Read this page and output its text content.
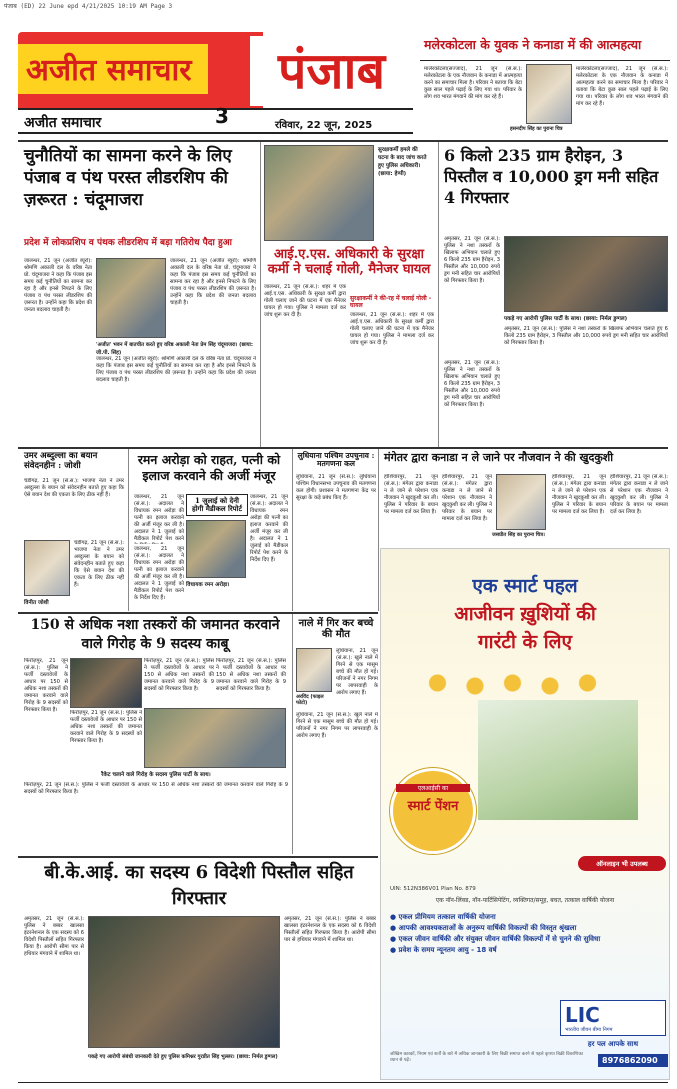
पंजाब (ED) 22 June epd 4/21/2025 10:19 AM Page 3
अजीत समाचार	पंजाब
अजीत समाचार	3	रविवार, 22 जून, 2025
मलेरकोटला के युवक ने कनाडा में की आत्महत्या
मालेरकोटला(सज्जाद), 21 जून (सं.स.): मलेरकोटला के एक नौजवान के कनाडा में आत्महत्या करने का समाचार मिला है। परिवार ने बताया कि बेटा कुछ साल पहले पढ़ाई के लिए गया था। परिवार के लोग शव भारत मंगवाने की मांग कर रहे हैं।
हसनदीप सिंह का पुराना चित्र
मालेरकोटला(सज्जाद), 21 जून (सं.स.): मलेरकोटला के एक नौजवान के कनाडा में आत्महत्या करने का समाचार मिला है। परिवार ने बताया कि बेटा कुछ साल पहले पढ़ाई के लिए गया था। परिवार के लोग शव भारत मंगवाने की मांग कर रहे हैं।
चुनौतियों का सामना करने के लिए पंजाब व पंथ परस्त लीडरशिप की ज़रूरत : चंदूमाजरा
प्रदेश में लोकप्रशिप व पंथक लीडरशिप में बड़ा गतिरोध पैदा हुआ
जालन्धर, 21 जून (अजीत ब्यूरो): श्रोमणि अकाली दल के वरिष्ठ नेता प्रो. चंदूमाजरा ने कहा कि पंजाब इस समय कई चुनौतियों का सामना कर रहा है और इनसे निपटने के लिए पंजाब व पंथ परस्त लीडरशिप की ज़रूरत है। उन्होंने कहा कि प्रदेश की जनता बदलाव चाहती है।
'अजीत' भवन में बातचीत करते हुए वरिष्ठ अकाली नेता प्रेम सिंह चंदूमाजरा। (छाया: जी.पी. सिंह)
जालन्धर, 21 जून (अजीत ब्यूरो): श्रोमणि अकाली दल के वरिष्ठ नेता प्रो. चंदूमाजरा ने कहा कि पंजाब इस समय कई चुनौतियों का सामना कर रहा है और इनसे निपटने के लिए पंजाब व पंथ परस्त लीडरशिप की ज़रूरत है। उन्होंने कहा कि प्रदेश की जनता बदलाव चाहती है।
जालन्धर, 21 जून (अजीत ब्यूरो): श्रोमणि अकाली दल के वरिष्ठ नेता प्रो. चंदूमाजरा ने कहा कि पंजाब इस समय कई चुनौतियों का सामना कर रहा है और इनसे निपटने के लिए पंजाब व पंथ परस्त लीडरशिप की ज़रूरत है। उन्होंने कहा कि प्रदेश की जनता बदलाव चाहती है।
सुरक्षाकर्मी हमले की घटना के बाद जांच करते हुए पुलिस अधिकारी। (छाया: हेप्पी)
आई.ए.एस. अधिकारी के सुरक्षा कर्मी ने चलाई गोली, मैनेजर घायल
जालन्धर, 21 जून (सं.स.): शहर में एक आई.ए.एस. अधिकारी के सुरक्षा कर्मी द्वारा गोली चलाए जाने की घटना में एक मैनेजर घायल हो गया। पुलिस ने मामला दर्ज कर जांच शुरू कर दी है।
सुरक्षाकर्मी ने की-रह में चलाई गोली - घायल
जालन्धर, 21 जून (सं.स.): शहर में एक आई.ए.एस. अधिकारी के सुरक्षा कर्मी द्वारा गोली चलाए जाने की घटना में एक मैनेजर घायल हो गया। पुलिस ने मामला दर्ज कर जांच शुरू कर दी है।
6 किलो 235 ग्राम हैरोइन, 3 पिस्तौल व 10,000 ड्रग मनी सहित 4 गिरफ्तार
अमृतसर, 21 जून (सं.स.): पुलिस ने नशा तस्करों के खिलाफ अभियान चलाते हुए 6 किलो 235 ग्राम हैरोइन, 3 पिस्तौल और 10,000 रुपये ड्रग मनी सहित चार आरोपियों को गिरफ्तार किया है।
पकड़े गए आरोपी पुलिस पार्टी के साथ। (छाया: निर्मल डुग्गल)
अमृतसर, 21 जून (सं.स.): पुलिस ने नशा तस्करों के खिलाफ अभियान चलाते हुए 6 किलो 235 ग्राम हैरोइन, 3 पिस्तौल और 10,000 रुपये ड्रग मनी सहित चार आरोपियों को गिरफ्तार किया है।
अमृतसर, 21 जून (सं.स.): पुलिस ने नशा तस्करों के खिलाफ अभियान चलाते हुए 6 किलो 235 ग्राम हैरोइन, 3 पिस्तौल और 10,000 रुपये ड्रग मनी सहित चार आरोपियों को गिरफ्तार किया है।
उमर अब्दुल्ला का बयान संवेदनहीन : जोशी
चंडीगढ़, 21 जून (सं.स.): भाजपा नेता ने उमर अब्दुल्ला के बयान को संवेदनहीन बताते हुए कहा कि ऐसे बयान देश की एकता के लिए ठीक नहीं हैं।
विनीत जोशी
चंडीगढ़, 21 जून (सं.स.): भाजपा नेता ने उमर अब्दुल्ला के बयान को संवेदनहीन बताते हुए कहा कि ऐसे बयान देश की एकता के लिए ठीक नहीं हैं।
रमन अरोड़ा को राहत, पत्नी को इलाज करवाने की अर्जी मंजूर
जालन्धर, 21 जून (सं.स.): अदालत ने विधायक रमन अरोड़ा की पत्नी का इलाज करवाने की अर्जी मंजूर कर ली है। अदालत ने 1 जुलाई को मैडीकल रिपोर्ट पेश करने
1 जुलाई को देनी होगी मैडीकल रिपोर्ट
विधायक रमन अरोड़ा।
जालन्धर, 21 जून (सं.स.): अदालत ने विधायक रमन अरोड़ा की पत्नी का इलाज करवाने की अर्जी मंजूर कर ली है। अदालत ने 1 जुलाई को मैडीकल रिपोर्ट पेश करने के निर्देश दिए हैं।
जालन्धर, 21 जून (सं.स.): अदालत ने विधायक रमन अरोड़ा की पत्नी का इलाज करवाने की अर्जी मंजूर कर ली है। अदालत ने 1 जुलाई को मैडीकल रिपोर्ट पेश करने के निर्देश दिए हैं।
लुधियाना पश्चिम उपचुनाव : मतगणना कल
लुधियाना, 21 जून (सं.स.): लुधियाना पश्चिम विधानसभा उपचुनाव की मतगणना कल होगी। प्रशासन ने मतगणना केंद्र पर सुरक्षा के कड़े प्रबंध किए हैं।
मंगेतर द्वारा कनाडा न ले जाने पर नौजवान ने की खुदकुशी
होशियारपुर, 21 जून (सं.स.): मंगेतर द्वारा कनाडा न ले जाने से परेशान एक नौजवान ने खुदकुशी कर ली। पुलिस ने परिवार के बयान पर मामला दर्ज कर लिया है।
होशियारपुर, 21 जून (सं.स.): मंगेतर द्वारा कनाडा न ले जाने से परेशान एक नौजवान ने खुदकुशी कर ली। पुलिस ने परिवार के बयान पर मामला दर्ज कर लिया है।
जसप्रीत सिंह का पुराना चित्र।
होशियारपुर, 21 जून (सं.स.): मंगेतर द्वारा कनाडा न ले जाने से परेशान एक नौजवान ने खुदकुशी कर ली। पुलिस ने परिवार के बयान पर मामला दर्ज कर लिया है।
होशियारपुर, 21 जून (सं.स.): मंगेतर द्वारा कनाडा न ले जाने से परेशान एक नौजवान ने खुदकुशी कर ली। पुलिस ने परिवार के बयान पर मामला दर्ज कर लिया है।
150 से अधिक नशा तस्करों की जमानत करवाने वाले गिरोह के 9 सदस्य काबू
फिरोज़पुर, 21 जून (सं.स.): पुलिस ने फर्जी दस्तावेजों के आधार पर 150 से अधिक नशा तस्करों की जमानत करवाने वाले गिरोह के 9 सदस्यों को गिरफ्तार किया है।
रैकेट चलाने वाले गिरोह के सदस्य पुलिस पार्टी के साथ।
फिरोज़पुर, 21 जून (सं.स.): पुलिस ने फर्जी दस्तावेजों के आधार पर 150 से अधिक नशा तस्करों की जमानत करवाने वाले गिरोह के 9 सदस्यों को गिरफ्तार किया है।
फिरोज़पुर, 21 जून (सं.स.): पुलिस ने फर्जी दस्तावेजों के आधार पर 150 से अधिक नशा तस्करों की जमानत करवाने वाले गिरोह के 9 सदस्यों को गिरफ्तार किया है।
फिरोज़पुर, 21 जून (सं.स.): पुलिस ने फर्जी दस्तावेजों के आधार पर 150 से अधिक नशा तस्करों की जमानत करवाने वाले गिरोह के 9 सदस्यों को गिरफ्तार किया है।
फिरोज़पुर, 21 जून (सं.स.): पुलिस ने फर्जी दस्तावेजों के आधार पर 150 से अधिक नशा तस्करों की जमानत करवाने वाले गिरोह के 9 सदस्यों को गिरफ्तार किया है।
नाले में गिर कर बच्चे की मौत
अरविंद (फाइल फोटो)
लुधियाना, 21 जून (सं.स.): खुले नाले में गिरने से एक मासूम बच्चे की मौत हो गई। परिजनों ने नगर निगम पर लापरवाही के आरोप लगाए हैं।
लुधियाना, 21 जून (सं.स.): खुले नाले में गिरने से एक मासूम बच्चे की मौत हो गई। परिजनों ने नगर निगम पर लापरवाही के आरोप लगाए हैं।
एक स्मार्ट पहल
आजीवन ख़ुशियों की
गारंटी के लिए
एलआईसी का
स्मार्ट पेंशन
ऑनलाइन भी उपलब्ध
UIN: 512N386V01 Plan No. 879
एक नॉन-लिंक्ड, नॉन-पार्टिसिपेटिंग, व्यक्तिगत/समूह, बचत, तत्काल वार्षिकी योजना
● एकल प्रीमियम तत्काल वार्षिकी योजना
● आपकी आवश्यकताओं के अनुरूप वार्षिकी विकल्पों की विस्तृत श्रृंखला
● एकल जीवन वार्षिकी और संयुक्त जीवन वार्षिकी विकल्पों में से चुनने की सुविधा
● प्रवेश के समय न्यूनतम आयु - 18 वर्ष
LIC
भारतीय जीवन बीमा निगम
हर पल आपके साथ
8976862090
जोखिम कारकों, नियम एवं शर्तों के बारे में अधिक जानकारी के लिए बिक्री समाप्त करने से पहले कृपया बिक्री विवरणिका ध्यान से पढ़ें।
बी.के.आई. का सदस्य 6 विदेशी पिस्तौल सहित गिरफ्तार
अमृतसर, 21 जून (सं.स.): पुलिस ने बब्बर खालसा इंटरनेशनल के एक सदस्य को 6 विदेशी पिस्तौलों सहित गिरफ्तार किया है। आरोपी सीमा पार से हथियार मंगवाने में शामिल था।
पकड़े गए आरोपी संबंधी जानकारी देते हुए पुलिस कमिश्नर गुरप्रीत सिंह भुल्लर। (छाया: निर्मल डुग्गल)
अमृतसर, 21 जून (सं.स.): पुलिस ने बब्बर खालसा इंटरनेशनल के एक सदस्य को 6 विदेशी पिस्तौलों सहित गिरफ्तार किया है। आरोपी सीमा पार से हथियार मंगवाने में शामिल था।
